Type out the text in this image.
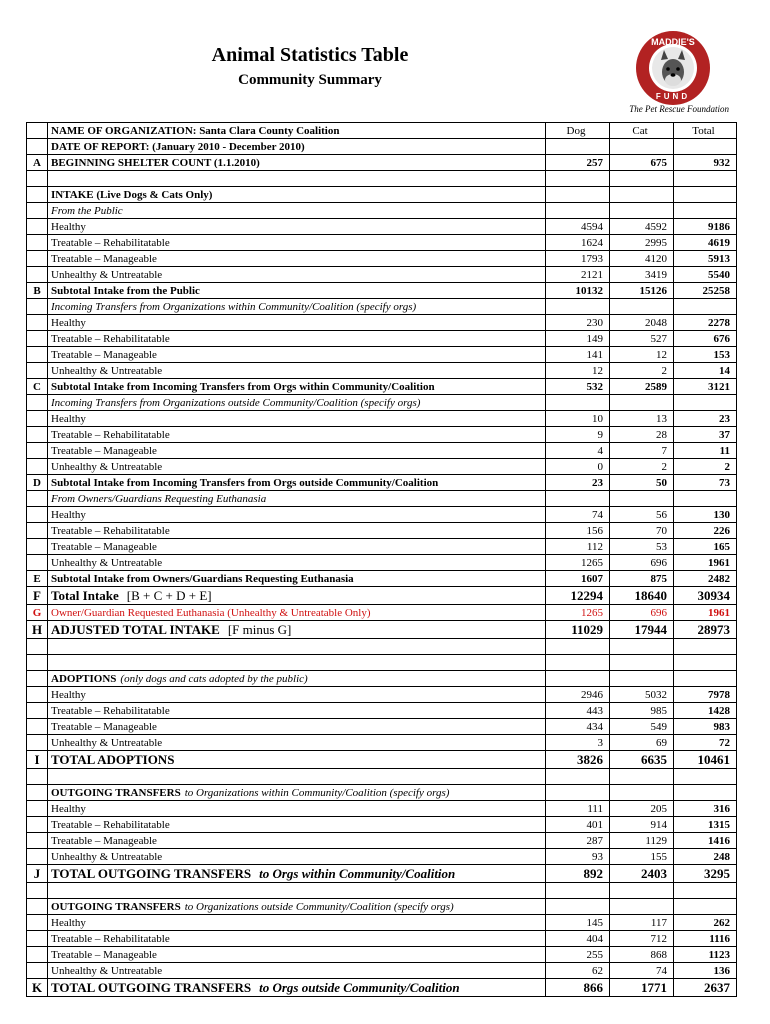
Animal Statistics Table
Community Summary
MADDIE'S
FUND
The Pet Rescue Foundation
	NAME OF ORGANIZATION: Santa Clara County Coalition	Dog	Cat	Total
	DATE OF REPORT: (January 2010 - December 2010)			
A	BEGINNING SHELTER COUNT (1.1.2010)	257	675	932

	INTAKE (Live Dogs & Cats Only)			
	From the Public			
	Healthy	4594	4592	9186
	Treatable – Rehabilitatable	1624	2995	4619
	Treatable – Manageable	1793	4120	5913
	Unhealthy & Untreatable	2121	3419	5540
B	Subtotal Intake from the Public	10132	15126	25258
	Incoming Transfers from Organizations within Community/Coalition (specify orgs)			
	Healthy	230	2048	2278
	Treatable – Rehabilitatable	149	527	676
	Treatable – Manageable	141	12	153
	Unhealthy & Untreatable	12	2	14
C	Subtotal Intake from Incoming Transfers from Orgs within Community/Coalition	532	2589	3121
	Incoming Transfers from Organizations outside Community/Coalition (specify orgs)			
	Healthy	10	13	23
	Treatable – Rehabilitatable	9	28	37
	Treatable – Manageable	4	7	11
	Unhealthy & Untreatable	0	2	2
D	Subtotal Intake from Incoming Transfers from Orgs outside Community/Coalition	23	50	73
	From Owners/Guardians Requesting Euthanasia			
	Healthy	74	56	130
	Treatable – Rehabilitatable	156	70	226
	Treatable – Manageable	112	53	165
	Unhealthy & Untreatable	1265	696	1961
E	Subtotal Intake from Owners/Guardians Requesting Euthanasia	1607	875	2482
F	Total Intake [B + C + D + E]	12294	18640	30934
G	Owner/Guardian Requested Euthanasia (Unhealthy & Untreatable Only)	1265	696	1961
H	ADJUSTED TOTAL INTAKE [F minus G]	11029	17944	28973

	ADOPTIONS (only dogs and cats adopted by the public)			
	Healthy	2946	5032	7978
	Treatable – Rehabilitatable	443	985	1428
	Treatable – Manageable	434	549	983
	Unhealthy & Untreatable	3	69	72
I	TOTAL ADOPTIONS	3826	6635	10461

	OUTGOING TRANSFERS to Organizations within Community/Coalition (specify orgs)			
	Healthy	111	205	316
	Treatable – Rehabilitatable	401	914	1315
	Treatable – Manageable	287	1129	1416
	Unhealthy & Untreatable	93	155	248
J	TOTAL OUTGOING TRANSFERS to Orgs within Community/Coalition	892	2403	3295

	OUTGOING TRANSFERS to Organizations outside Community/Coalition (specify orgs)			
	Healthy	145	117	262
	Treatable – Rehabilitatable	404	712	1116
	Treatable – Manageable	255	868	1123
	Unhealthy & Untreatable	62	74	136
K	TOTAL OUTGOING TRANSFERS to Orgs outside Community/Coalition	866	1771	2637
